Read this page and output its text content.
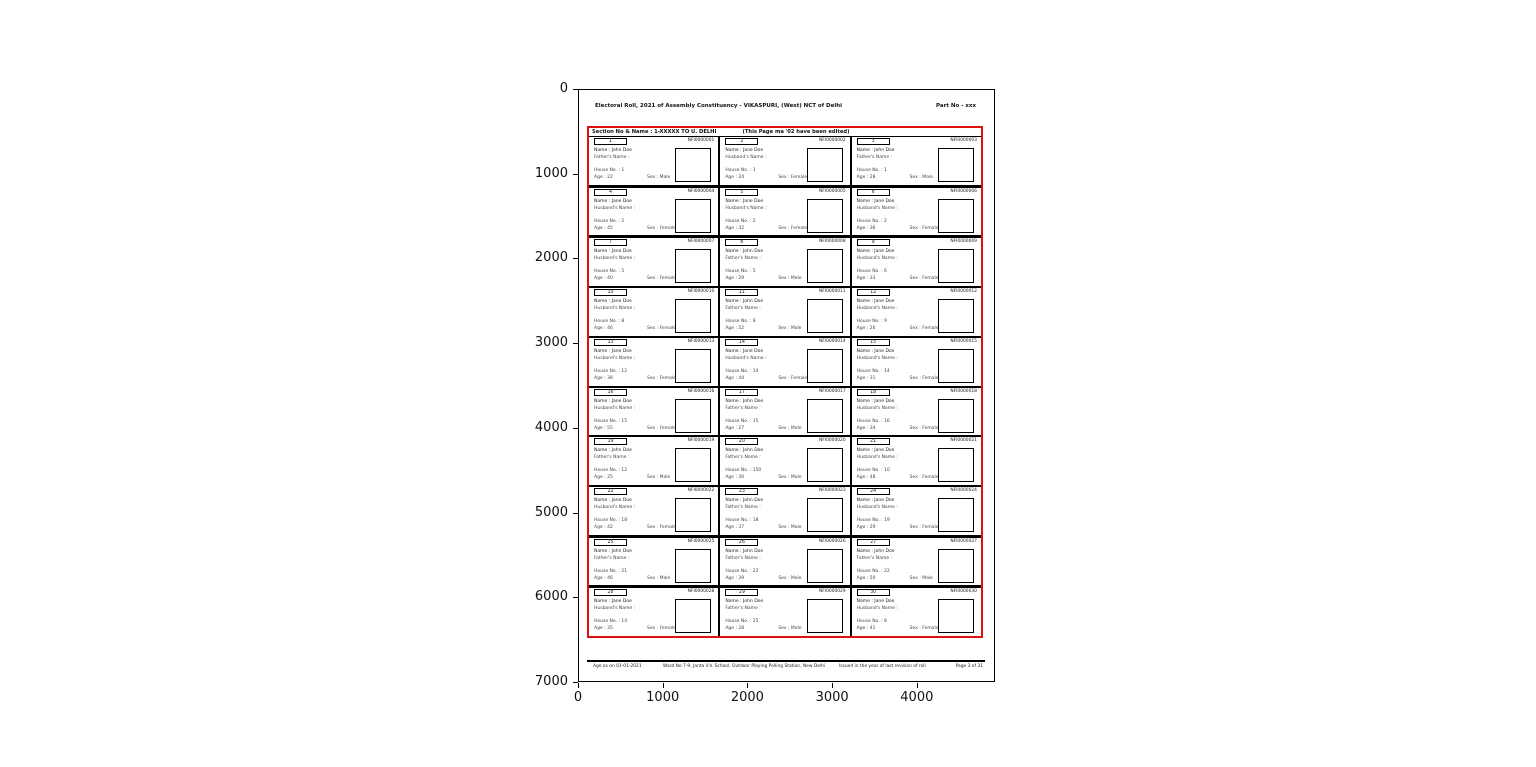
0
1000
2000
3000
4000
5000
6000
7000
0	1000	2000	3000	4000
Electoral Roll, 2021 of Assembly Constituency - VIKASPURI, (West) NCT of Delhi	Part No - xxx
Section No & Name : 1-XXXXX TO U. DELHI	(This Page ma '02 have been edited)
1	NFI0000001
Name : John Doe
Father's Name :
House No. : 1
Age : 22	Sex : Male
2	NFI0000002
Name : Jane Doe
Husband's Name :
House No. : 1
Age : 24	Sex : Female
3	NFI0000003
Name : John Doe
Father's Name :
House No. : 1
Age : 28	Sex : Male
4	NFI0000004
Name : Jane Doe
Husband's Name :
House No. : 2
Age : 45	Sex : Female
5	NFI0000005
Name : Jane Doe
Husband's Name :
House No. : 2
Age : 32	Sex : Female
6	NFI0000006
Name : Jane Doe
Husband's Name :
House No. : 2
Age : 36	Sex : Female
7	NFI0000007
Name : Jane Doe
Husband's Name :
House No. : 5
Age : 40	Sex : Female
8	NFI0000008
Name : John Doe
Father's Name :
House No. : 5
Age : 29	Sex : Male
9	NFI0000009
Name : Jane Doe
Husband's Name :
House No. : 6
Age : 33	Sex : Female
10	NFI0000010
Name : Jane Doe
Husband's Name :
House No. : 8
Age : 46	Sex : Female
11	NFI0000011
Name : John Doe
Father's Name :
House No. : 8
Age : 52	Sex : Male
12	NFI0000012
Name : Jane Doe
Husband's Name :
House No. : 9
Age : 26	Sex : Female
13	NFI0000013
Name : Jane Doe
Husband's Name :
House No. : 12
Age : 38	Sex : Female
14	NFI0000014
Name : Jane Doe
Husband's Name :
House No. : 14
Age : 44	Sex : Female
15	NFI0000015
Name : Jane Doe
Husband's Name :
House No. : 14
Age : 31	Sex : Female
16	NFI0000016
Name : Jane Doe
Husband's Name :
House No. : 15
Age : 55	Sex : Female
17	NFI0000017
Name : John Doe
Father's Name :
House No. : 15
Age : 27	Sex : Male
18	NFI0000018
Name : Jane Doe
Husband's Name :
House No. : 16
Age : 34	Sex : Female
19	NFI0000019
Name : John Doe
Father's Name :
House No. : 12
Age : 25	Sex : Male
20	NFI0000020
Name : John Doe
Father's Name :
House No. : 150
Age : 30	Sex : Male
21	NFI0000021
Name : Jane Doe
Husband's Name :
House No. : 10
Age : 48	Sex : Female
22	NFI0000022
Name : Jane Doe
Husband's Name :
House No. : 18
Age : 42	Sex : Female
23	NFI0000023
Name : John Doe
Father's Name :
House No. : 18
Age : 37	Sex : Male
24	NFI0000024
Name : Jane Doe
Husband's Name :
House No. : 19
Age : 29	Sex : Female
25	NFI0000025
Name : John Doe
Father's Name :
House No. : 21
Age : 46	Sex : Male
26	NFI0000026
Name : John Doe
Father's Name :
House No. : 22
Age : 39	Sex : Male
27	NFI0000027
Name : John Doe
Father's Name :
House No. : 22
Age : 50	Sex : Male
28	NFI0000028
Name : Jane Doe
Husband's Name :
House No. : 14
Age : 35	Sex : Female
29	NFI0000029
Name : John Doe
Father's Name :
House No. : 25
Age : 28	Sex : Male
30	NFI0000030
Name : Jane Doe
Husband's Name :
House No. : 8
Age : 41	Sex : Female
Age as on 01-01-2021	Ward No 7-9, Janta V.V. School, Outdoor Playing Polling Station, New Delhi	Issued in the year of last revision of roll	Page 3 of 31
